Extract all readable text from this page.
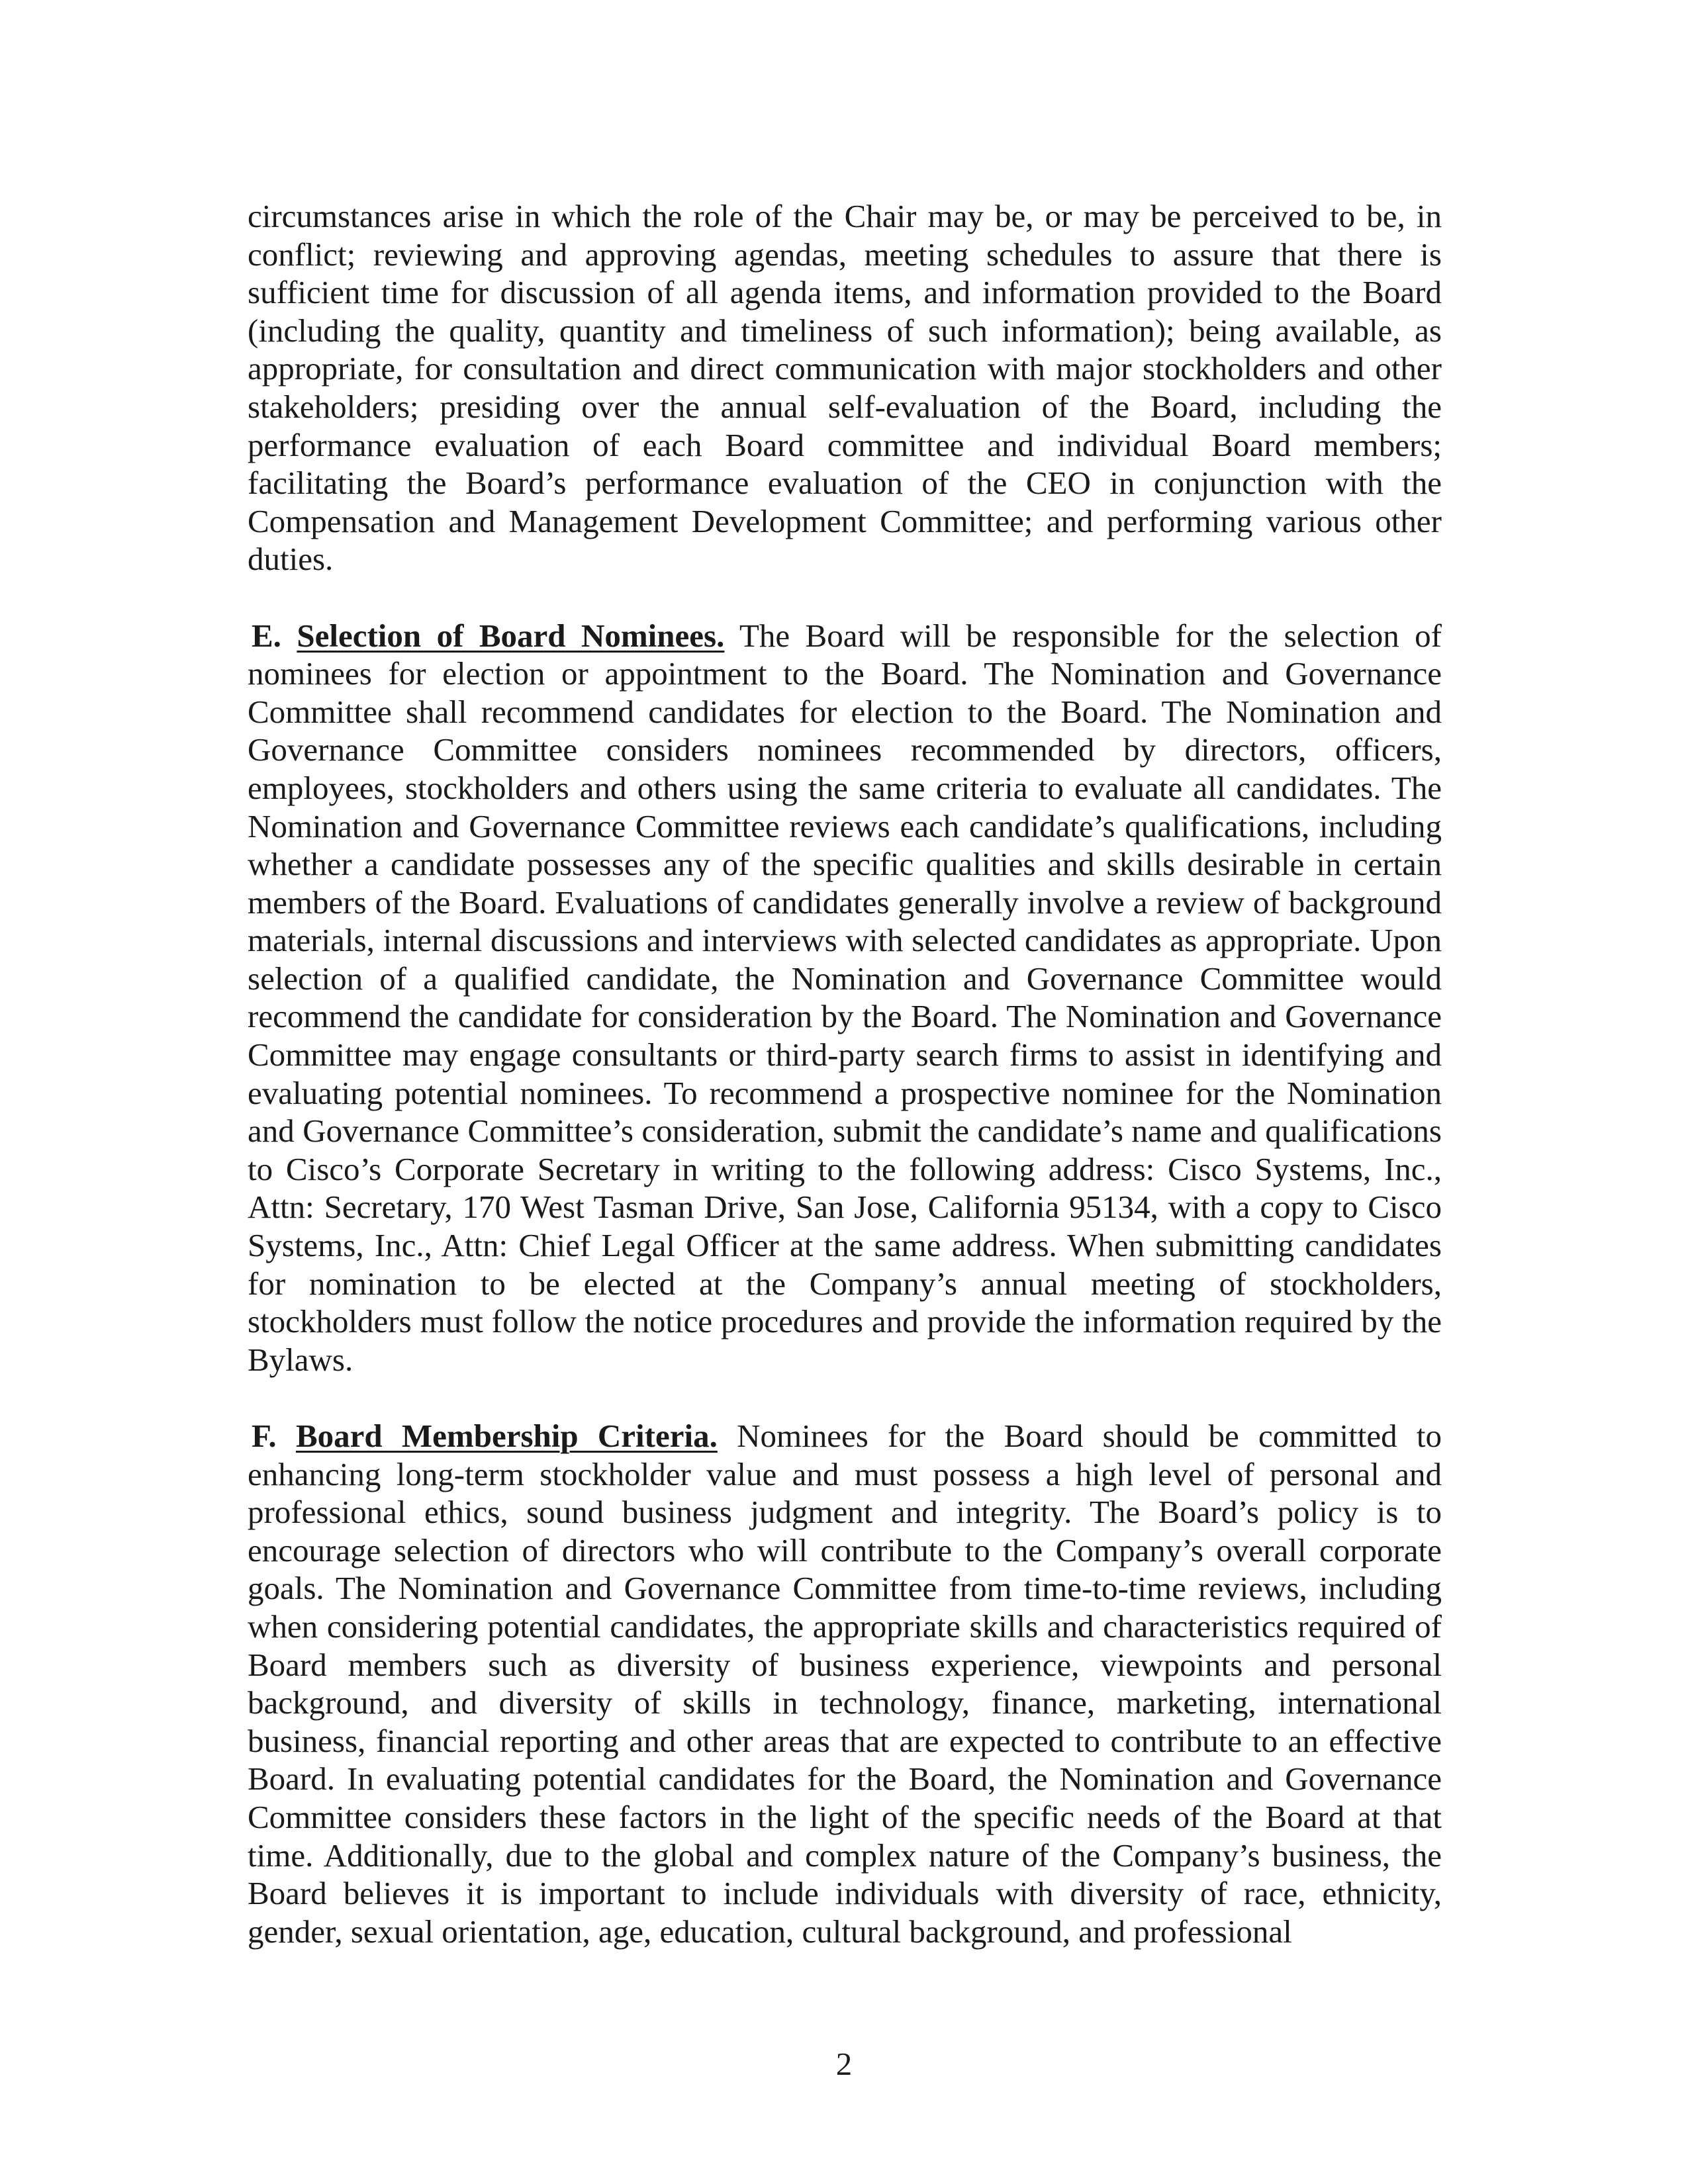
circumstances arise in which the role of the Chair may be, or may be perceived to be, in conflict; reviewing and approving agendas, meeting schedules to assure that there is sufficient time for discussion of all agenda items, and information provided to the Board (including the quality, quantity and timeliness of such information); being available, as appropriate, for consultation and direct communication with major stockholders and other stakeholders; presiding over the annual self-evaluation of the Board, including the performance evaluation of each Board committee and individual Board members; facilitating the Board’s performance evaluation of the CEO in conjunction with the Compensation and Management Development Committee; and performing various other duties.

E. Selection of Board Nominees. The Board will be responsible for the selection of nominees for election or appointment to the Board. The Nomination and Governance Committee shall recommend candidates for election to the Board. The Nomination and Governance Committee considers nominees recommended by directors, officers, employees, stockholders and others using the same criteria to evaluate all candidates. The Nomination and Governance Committee reviews each candidate’s qualifications, including whether a candidate possesses any of the specific qualities and skills desirable in certain members of the Board. Evaluations of candidates generally involve a review of background materials, internal discussions and interviews with selected candidates as appropriate. Upon selection of a qualified candidate, the Nomination and Governance Committee would recommend the candidate for consideration by the Board. The Nomination and Governance Committee may engage consultants or third-party search firms to assist in identifying and evaluating potential nominees. To recommend a prospective nominee for the Nomination and Governance Committee’s consideration, submit the candidate’s name and qualifications to Cisco’s Corporate Secretary in writing to the following address: Cisco Systems, Inc., Attn: Secretary, 170 West Tasman Drive, San Jose, California 95134, with a copy to Cisco Systems, Inc., Attn: Chief Legal Officer at the same address. When submitting candidates for nomination to be elected at the Company’s annual meeting of stockholders, stockholders must follow the notice procedures and provide the information required by the Bylaws.

F. Board Membership Criteria. Nominees for the Board should be committed to enhancing long-term stockholder value and must possess a high level of personal and professional ethics, sound business judgment and integrity. The Board’s policy is to encourage selection of directors who will contribute to the Company’s overall corporate goals. The Nomination and Governance Committee from time-to-time reviews, including when considering potential candidates, the appropriate skills and characteristics required of Board members such as diversity of business experience, viewpoints and personal background, and diversity of skills in technology, finance, marketing, international business, financial reporting and other areas that are expected to contribute to an effective Board. In evaluating potential candidates for the Board, the Nomination and Governance Committee considers these factors in the light of the specific needs of the Board at that time. Additionally, due to the global and complex nature of the Company’s business, the Board believes it is important to include individuals with diversity of race, ethnicity, gender, sexual orientation, age, education, cultural background, and professional

2
